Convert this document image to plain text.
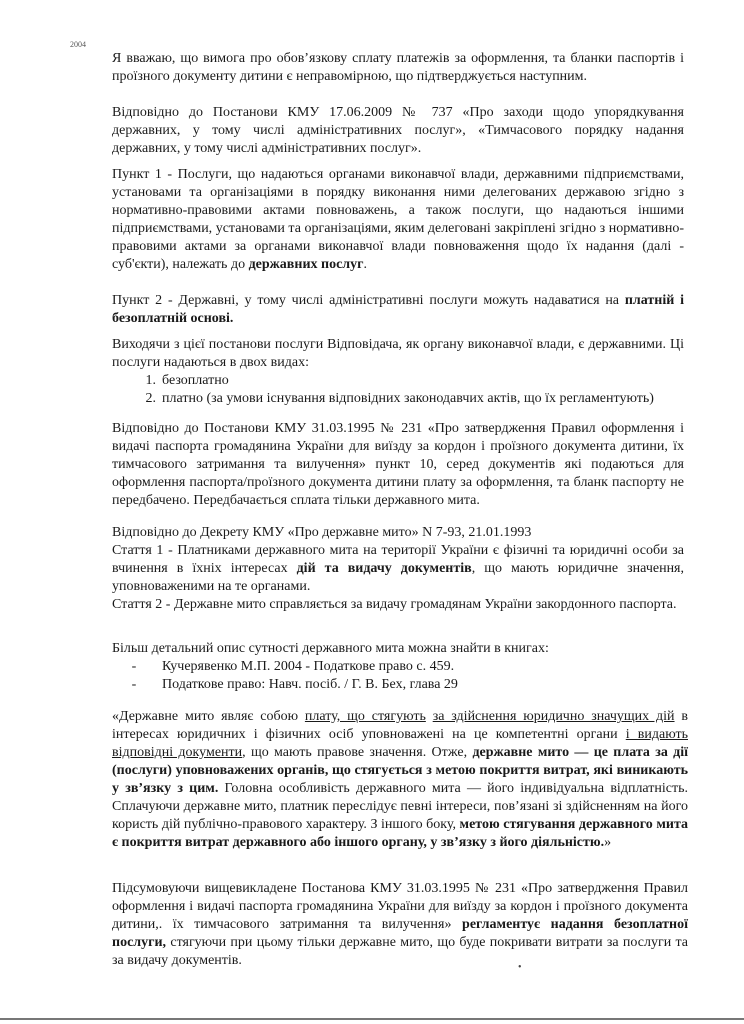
2004

Я вважаю, що вимога про обов’язкову сплату платежів за оформлення, та бланки паспортів і проїзного документу дитини є неправомірною, що підтверджується наступним.

Відповідно до Постанови КМУ 17.06.2009 № 737 «Про заходи щодо упорядкування державних, у тому числі адміністративних послуг», «Тимчасового порядку надання державних, у тому числі адміністративних послуг».

Пункт 1 - Послуги, що надаються органами виконавчої влади, державними підприємствами, установами та організаціями в порядку виконання ними делегованих державою згідно з нормативно-правовими актами повноважень, а також послуги, що надаються іншими підприємствами, установами та організаціями, яким делеговані закріплені згідно з нормативно-правовими актами за органами виконавчої влади повноваження щодо їх надання (далі - суб'єкти), належать до державних послуг.

Пункт 2 - Державні, у тому числі адміністративні послуги можуть надаватися на платній і безоплатній основі.

Виходячи з цієї постанови послуги Відповідача, як органу виконавчої влади, є державними. Ці послуги надаються в двох видах:

1. безоплатно
2. платно (за умови існування відповідних законодавчих актів, що їх регламентують)

Відповідно до Постанови КМУ 31.03.1995 № 231 «Про затвердження Правил оформлення і видачі паспорта громадянина України для виїзду за кордон і проїзного документа дитини, їх тимчасового затримання та вилучення» пункт 10, серед документів які подаються для оформлення паспорта/проїзного документа дитини плату за оформлення, та бланк паспорту не передбачено. Передбачається сплата тільки державного мита.

Відповідно до Декрету КМУ «Про державне мито» N 7-93, 21.01.1993

Стаття 1 - Платниками державного мита на території України є фізичні та юридичні особи за вчинення в їхніх інтересах дій та видачу документів, що мають юридичне значення, уповноваженими на те органами.

Стаття 2 - Державне мито справляється за видачу громадянам України закордонного паспорта.

Більш детальний опис сутності державного мита можна знайти в книгах:

-	Кучерявенко М.П. 2004 - Податкове право с. 459.
-	Податкове право: Навч. посіб. / Г. В. Бех, глава 29

«Державне мито являє собою плату, що стягують за здійснення юридично значущих дій в інтересах юридичних і фізичних осіб уповноважені на це компетентні органи і видають відповідні документи, що мають правове значення. Отже, державне мито — це плата за дії (послуги) уповноважених органів, що стягується з метою покриття витрат, які виникають у зв’язку з цим. Головна особливість державного мита — його індивідуальна відплатність. Сплачуючи державне мито, платник переслідує певні інтереси, пов’язані зі здійсненням на його користь дій публічно-правового характеру. З іншого боку, метою стягування державного мита є покриття витрат державного або іншого органу, у зв’язку з його діяльністю.»

Підсумовуючи вищевикладене Постанова КМУ 31.03.1995 № 231 «Про затвердження Правил оформлення і видачі паспорта громадянина України для виїзду за кордон і проїзного документа дитини,. їх тимчасового затримання та вилучення» регламентує надання безоплатної послуги, стягуючи при цьому тільки державне мито, що буде покривати витрати за послуги та за видачу документів.	•
